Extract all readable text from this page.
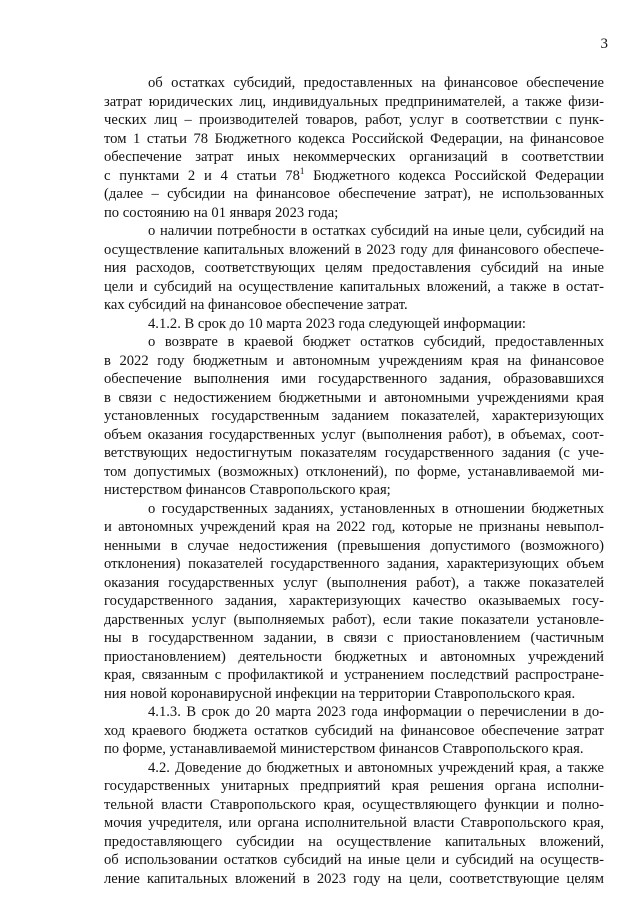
3
об остатках субсидий, предоставленных на финансовое обеспечение
затрат юридических лиц, индивидуальных предпринимателей, а также физи-
ческих лиц – производителей товаров, работ, услуг в соответствии с пунк-
том 1 статьи 78 Бюджетного кодекса Российской Федерации, на финансовое
обеспечение затрат иных некоммерческих организаций в соответствии
с пунктами 2 и 4 статьи $78^1$ Бюджетного кодекса Российской Федерации
(далее – субсидии на финансовое обеспечение затрат), не использованных
по состоянию на 01 января 2023 года;
о наличии потребности в остатках субсидий на иные цели, субсидий на
осуществление капитальных вложений в 2023 году для финансового обеспече-
ния расходов, соответствующих целям предоставления субсидий на иные
цели и субсидий на осуществление капитальных вложений, а также в остат-
ках субсидий на финансовое обеспечение затрат.
4.1.2. В срок до 10 марта 2023 года следующей информации:
о возврате в краевой бюджет остатков субсидий, предоставленных
в 2022 году бюджетным и автономным учреждениям края на финансовое
обеспечение выполнения ими государственного задания, образовавшихся
в связи с недостижением бюджетными и автономными учреждениями края
установленных государственным заданием показателей, характеризующих
объем оказания государственных услуг (выполнения работ), в объемах, соот-
ветствующих недостигнутым показателям государственного задания (с уче-
том допустимых (возможных) отклонений), по форме, устанавливаемой ми-
нистерством финансов Ставропольского края;
о государственных заданиях, установленных в отношении бюджетных
и автономных учреждений края на 2022 год, которые не признаны невыпол-
ненными в случае недостижения (превышения допустимого (возможного)
отклонения) показателей государственного задания, характеризующих объем
оказания государственных услуг (выполнения работ), а также показателей
государственного задания, характеризующих качество оказываемых госу-
дарственных услуг (выполняемых работ), если такие показатели установле-
ны в государственном задании, в связи с приостановлением (частичным
приостановлением) деятельности бюджетных и автономных учреждений
края, связанным с профилактикой и устранением последствий распростране-
ния новой коронавирусной инфекции на территории Ставропольского края.
4.1.3. В срок до 20 марта 2023 года информации о перечислении в до-
ход краевого бюджета остатков субсидий на финансовое обеспечение затрат
по форме, устанавливаемой министерством финансов Ставропольского края.
4.2. Доведение до бюджетных и автономных учреждений края, а также
государственных унитарных предприятий края решения органа исполни-
тельной власти Ставропольского края, осуществляющего функции и полно-
мочия учредителя, или органа исполнительной власти Ставропольского края,
предоставляющего субсидии на осуществление капитальных вложений,
об использовании остатков субсидий на иные цели и субсидий на осуществ-
ление капитальных вложений в 2023 году на цели, соответствующие целям
